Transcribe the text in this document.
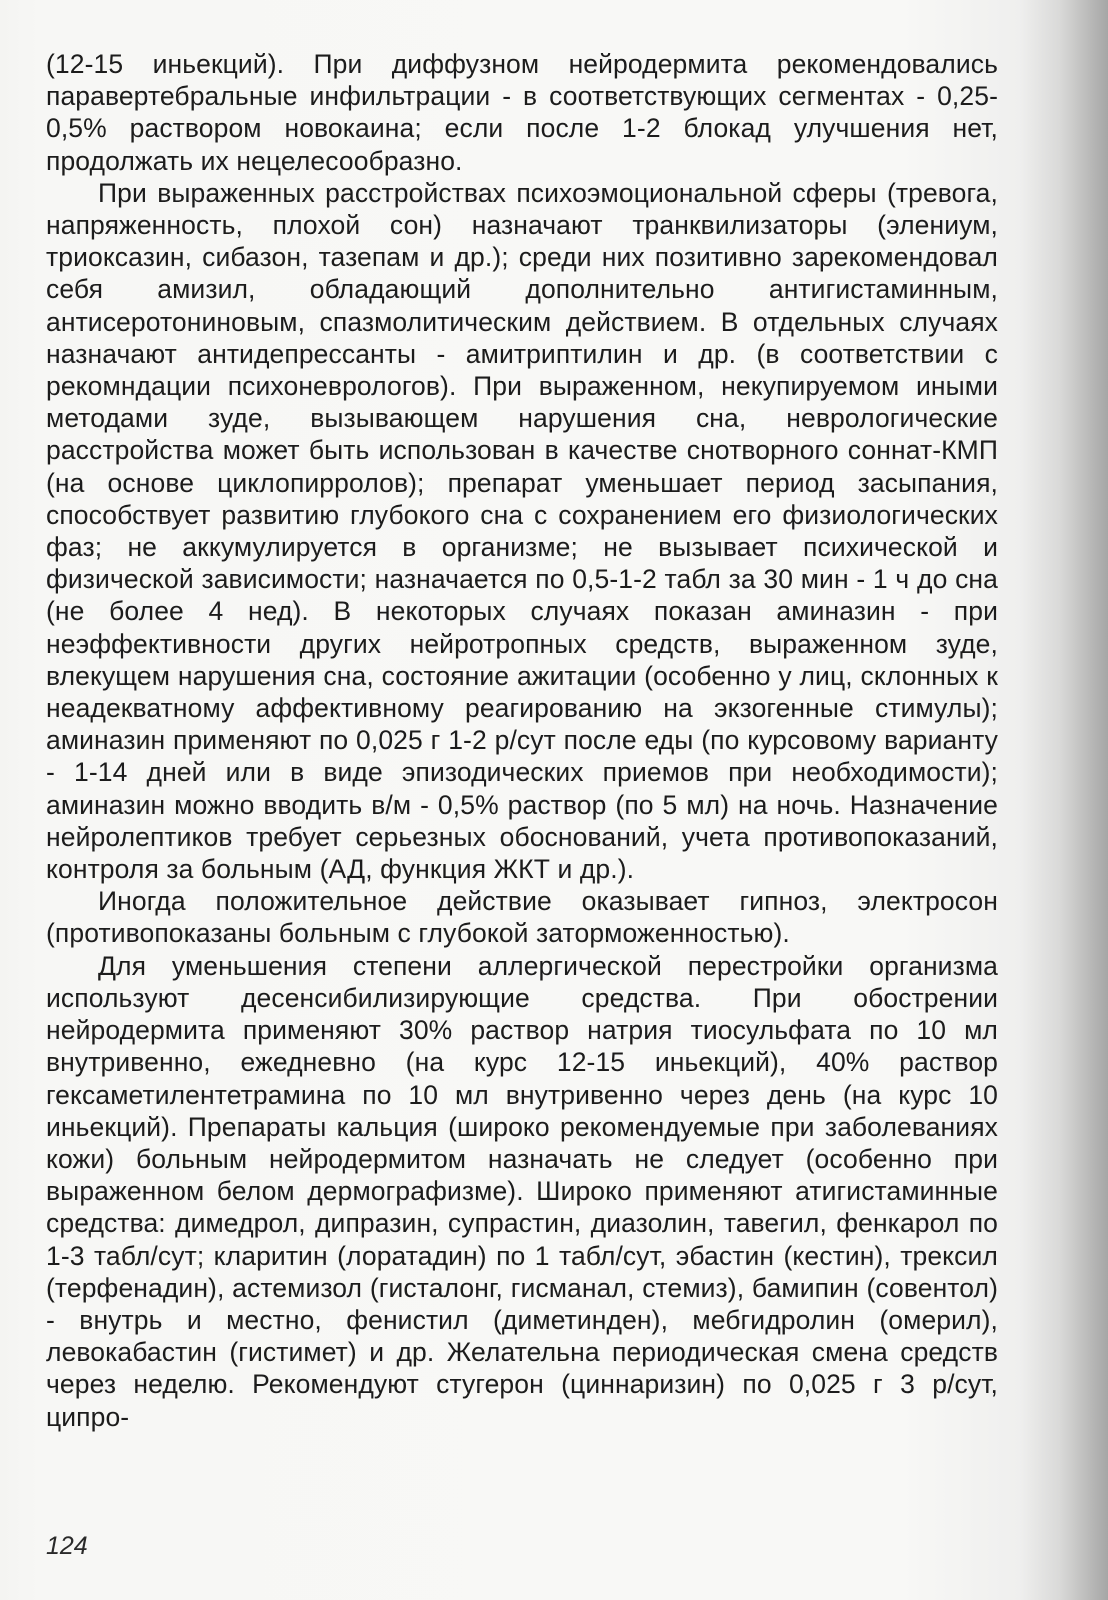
(12-15 иньекций). При диффузном нейродермита рекомендовались паравертебральные инфильтрации - в соответствующих сегментах - 0,25-0,5% раствором новокаина; если после 1-2 блокад улучшения нет, продолжать их нецелесообразно.

При выраженных расстройствах психоэмоциональной сферы (тревога, напряженность, плохой сон) назначают транквилизаторы (элениум, триоксазин, сибазон, тазепам и др.); среди них позитивно зарекомендовал себя амизил, обладающий дополнительно антигистаминным, антисеротониновым, спазмолитическим действием. В отдельных случаях назначают антидепрессанты - амитриптилин и др. (в соответствии с рекомндации психоневрологов). При выраженном, некупируемом иными методами зуде, вызывающем нарушения сна, неврологические расстройства может быть использован в качестве снотворного соннат-КМП (на основе циклопирролов); препарат уменьшает период засыпания, способствует развитию глубокого сна с сохранением его физиологических фаз; не аккумулируется в организме; не вызывает психической и физической зависимости; назначается по 0,5-1-2 табл за 30 мин - 1 ч до сна (не более 4 нед). В некоторых случаях показан аминазин - при неэффективности других нейротропных средств, выраженном зуде, влекущем нарушения сна, состояние ажитации (особенно у лиц, склонных к неадекватному аффективному реагированию на экзогенные стимулы); аминазин применяют по 0,025 г 1-2 р/сут после еды (по курсовому варианту - 1-14 дней или в виде эпизодических приемов при необходимости); аминазин можно вводить в/м - 0,5% раствор (по 5 мл) на ночь. Назначение нейролептиков требует серьезных обоснований, учета противопоказаний, контроля за больным (АД, функция ЖКТ и др.).

Иногда положительное действие оказывает гипноз, электросон (противопоказаны больным с глубокой заторможенностью).

Для уменьшения степени аллергической перестройки организма используют десенсибилизирующие средства. При обострении нейродермита применяют 30% раствор натрия тиосульфата по 10 мл внутривенно, ежедневно (на курс 12-15 иньекций), 40% раствор гексаметилентетрамина по 10 мл внутривенно через день (на курс 10 иньекций). Препараты кальция (широко рекомендуемые при заболеваниях кожи) больным нейродермитом назначать не следует (особенно при выраженном белом дермографизме). Широко применяют атигистаминные средства: димедрол, дипразин, супрастин, диазолин, тавегил, фенкарол по 1-3 табл/сут; кларитин (лоратадин) по 1 табл/сут, эбастин (кестин), трексил (терфенадин), астемизол (гисталонг, гисманал, стемиз), бамипин (совентол) - внутрь и местно, фенистил (диметинден), мебгидролин (омерил), левокабастин (гистимет) и др. Желательна периодическая смена средств через неделю. Рекомендуют стугерон (циннаризин) по 0,025 г 3 р/сут, ципро-

124
